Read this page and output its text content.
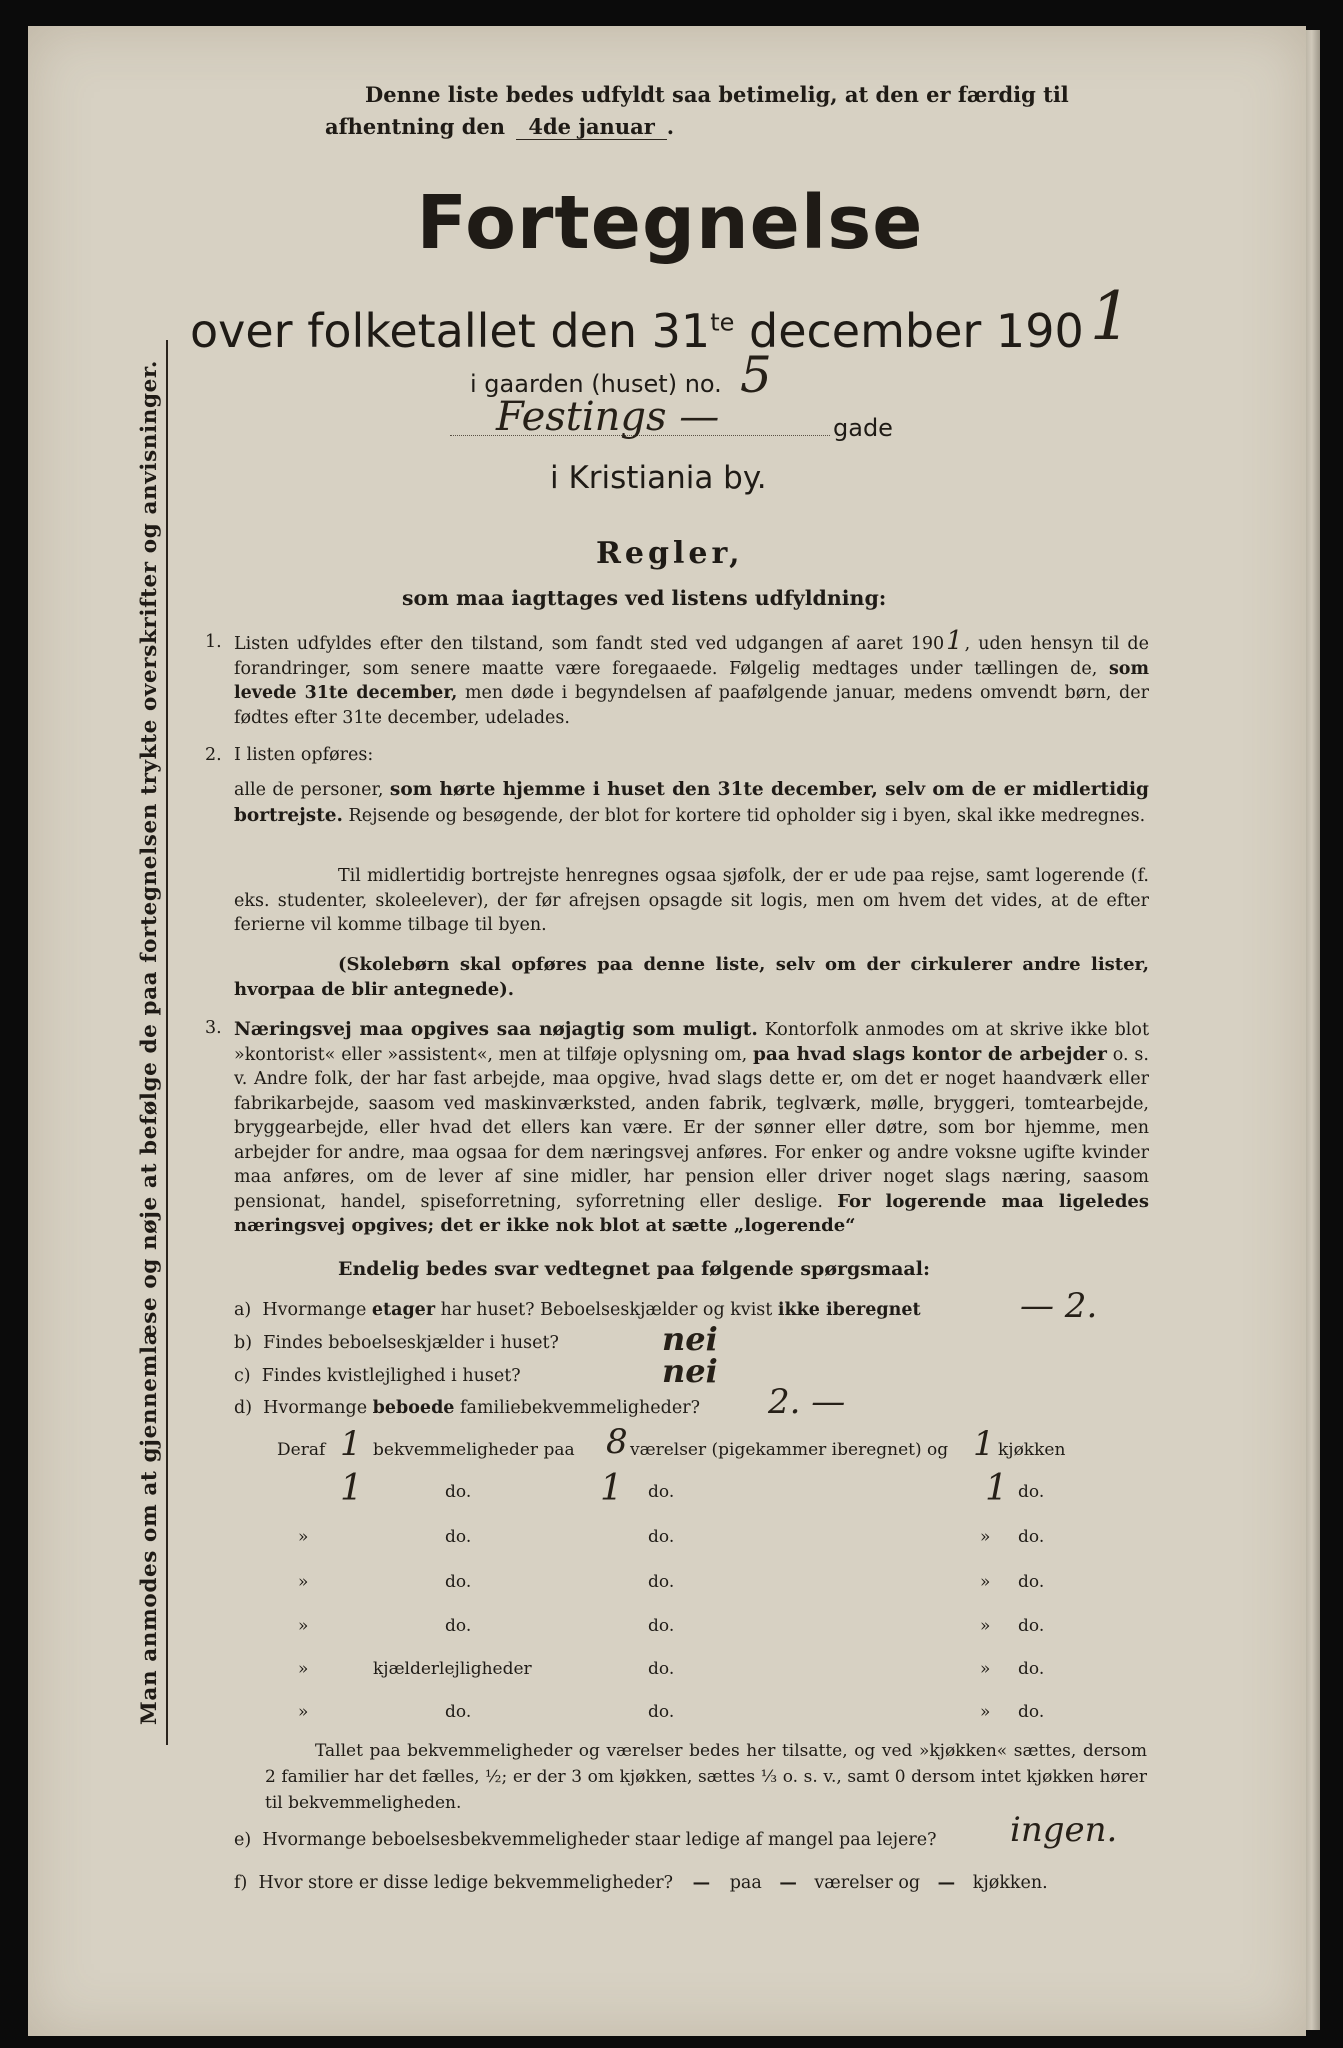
Denne liste bedes udfyldt saa betimelig, at den er færdig til
afhentning den 4de januar .
Man anmodes om at gjennemlæse og nøje at befølge de paa fortegnelsen trykte overskrifter og anvisninger.
Fortegnelse
over folketallet den $31^{te}$ december 1901
i gaarden (huset) no. 5
Festings —	gade
i Kristiania by.
Regler,
som maa iagttages ved listens udfyldning:
1. Listen udfyldes efter den tilstand, som fandt sted ved udgangen af aaret 1901 , uden hensyn til de forandringer, som senere maatte være foregaaede. Følgelig medtages under tællingen de, som levede 31te december, men døde i begyndelsen af paafølgende januar, medens omvendt børn, der fødtes efter 31te december, udelades.
2. I listen opføres:
alle de personer, som hørte hjemme i huset den 31te december, selv om de er midlertidig bortrejste. Rejsende og besøgende, der blot for kortere tid opholder sig i byen, skal ikke medregnes.
Til midlertidig bortrejste henregnes ogsaa sjøfolk, der er ude paa rejse, samt logerende (f. eks. studenter, skoleelever), der før afrejsen opsagde sit logis, men om hvem det vides, at de efter ferierne vil komme tilbage til byen.
(Skolebørn skal opføres paa denne liste, selv om der cirkulerer andre lister, hvorpaa de blir antegnede).
3. Næringsvej maa opgives saa nøjagtig som muligt. Kontorfolk anmodes om at skrive ikke blot »kontorist« eller »assistent«, men at tilføje oplysning om, paa hvad slags kontor de arbejder o. s. v. Andre folk, der har fast arbejde, maa opgive, hvad slags dette er, om det er noget haandværk eller fabrikarbejde, saasom ved maskinværksted, anden fabrik, teglværk, mølle, bryggeri, tomtearbejde, bryggearbejde, eller hvad det ellers kan være. Er der sønner eller døtre, som bor hjemme, men arbejder for andre, maa ogsaa for dem næringsvej anføres. For enker og andre voksne ugifte kvinder maa anføres, om de lever af sine midler, har pension eller driver noget slags næring, saasom pensionat, handel, spiseforretning, syforretning eller deslige. For logerende maa ligeledes næringsvej opgives; det er ikke nok blot at sætte „logerende“
Endelig bedes svar vedtegnet paa følgende spørgsmaal:
a) Hvormange etager har huset? Beboelseskjælder og kvist ikke iberegnet	— 2.
b) Findes beboelseskjælder i huset?	nei
c) Findes kvistlejlighed i huset?	nei
d) Hvormange beboede familiebekvemmeligheder? 2. —
Deraf 1 bekvemmeligheder paa 8 værelser (pigekammer iberegnet) og 1 kjøkken
1	do.	1 do.	1 do.
»	do.	do.	» do.
»	do.	do.	» do.
»	do.	do.	» do.
»	kjælderlejligheder	do.	» do.
»	do.	do.	» do.
Tallet paa bekvemmeligheder og værelser bedes her tilsatte, og ved »kjøkken« sættes, dersom 2 familier har det fælles, ½; er der 3 om kjøkken, sættes ⅓ o. s. v., samt 0 dersom intet kjøkken hører til bekvemmeligheden.
e) Hvormange beboelsesbekvemmeligheder staar ledige af mangel paa lejere? ingen.
f) Hvor store er disse ledige bekvemmeligheder? — paa — værelser og — kjøkken.
